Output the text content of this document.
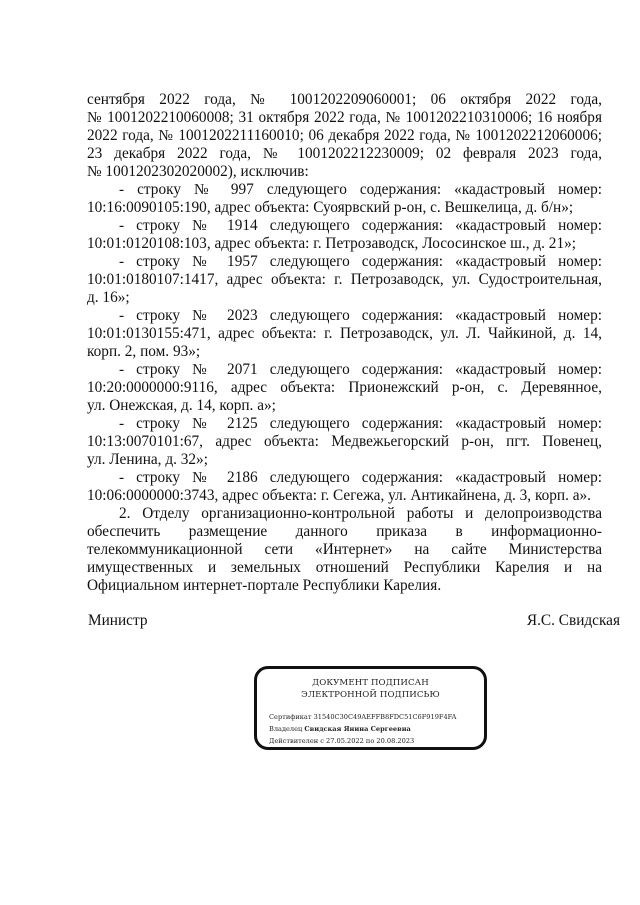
сентября 2022 года, № 1001202209060001; 06 октября 2022 года,
№ 1001202210060008; 31 октября 2022 года, № 1001202210310006; 16 ноября
2022 года, № 1001202211160010; 06 декабря 2022 года, № 1001202212060006;
23 декабря 2022 года, № 1001202212230009; 02 февраля 2023 года,
№ 1001202302020002), исключив:
- строку № 997 следующего содержания: «кадастровый номер:
10:16:0090105:190, адрес объекта: Суоярвский р-он, с. Вешкелица, д. б/н»;
- строку № 1914 следующего содержания: «кадастровый номер:
10:01:0120108:103, адрес объекта: г. Петрозаводск, Лососинское ш., д. 21»;
- строку № 1957 следующего содержания: «кадастровый номер:
10:01:0180107:1417, адрес объекта: г. Петрозаводск, ул. Судостроительная,
д. 16»;
- строку № 2023 следующего содержания: «кадастровый номер:
10:01:0130155:471, адрес объекта: г. Петрозаводск, ул. Л. Чайкиной, д. 14,
корп. 2, пом. 93»;
- строку № 2071 следующего содержания: «кадастровый номер:
10:20:0000000:9116, адрес объекта: Прионежский р-он, с. Деревянное,
ул. Онежская, д. 14, корп. а»;
- строку № 2125 следующего содержания: «кадастровый номер:
10:13:0070101:67, адрес объекта: Медвежьегорский р-он, пгт. Повенец,
ул. Ленина, д. 32»;
- строку № 2186 следующего содержания: «кадастровый номер:
10:06:0000000:3743, адрес объекта: г. Сегежа, ул. Антикайнена, д. 3, корп. а».
2. Отделу организационно-контрольной работы и делопроизводства
обеспечить размещение данного приказа в информационно-
телекоммуникационной сети «Интернет» на сайте Министерства
имущественных и земельных отношений Республики Карелия и на
Официальном интернет-портале Республики Карелия.
Министр	Я.С. Свидская
ДОКУМЕНТ ПОДПИСАН
ЭЛЕКТРОННОЙ ПОДПИСЬЮ
Сертификат 31540C30C49AEFFB8FDC51C6F919F4FA
Владелец Свидская Янина Сергеевна
Действителен с 27.05.2022 по 20.08.2023
